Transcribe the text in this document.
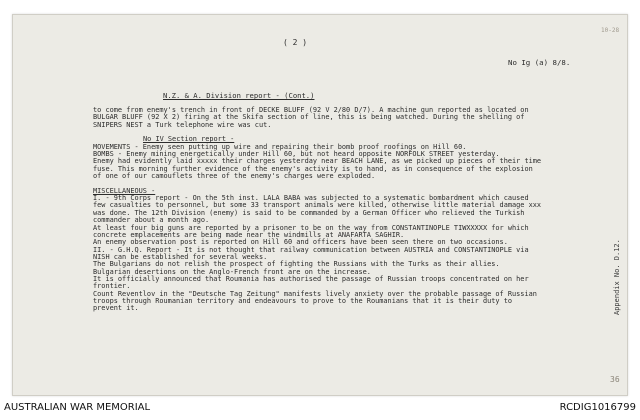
10-28
( 2 )
No Ig (a) 8/8.
N.Z. & A. Division report - (Cont.)
to come from enemy's trench in front of DECKE BLUFF (92 V 2/80 D/7). A machine gun reported as located on
BULGAR BLUFF (92 X 2) firing at the Skifa section of line, this is being watched. During the shelling of
SNIPERS NEST a Turk telephone wire was cut.
No IV Section report -
MOVEMENTS - Enemy seen putting up wire and repairing their bomb proof roofings on Hill 60.
BOMBS - Enemy mining energetically under Hill 60, but not heard opposite NORFOLK STREET yesterday.
Enemy had evidently laid xxxxx their charges yesterday near BEACH LANE, as we picked up pieces of their time
fuse. This morning further evidence of the enemy's activity is to hand, as in consequence of the explosion
of one of our camouflets three of the enemy's charges were exploded.
MISCELLANEOUS -
I. - 9th Corps report - On the 5th inst. LALA BABA was subjected to a systematic bombardment which caused
few casualties to personnel, but some 33 transport animals were killed, otherwise little material damage xxx
was done. The 12th Division (enemy) is said to be commanded by a German Officer who relieved the Turkish
commander about a month ago.
At least four big guns are reported by a prisoner to be on the way from CONSTANTINOPLE TIWXXXXX for which
concrete emplacements are being made near the windmills at ANAFARTA SAGHIR.
An enemy observation post is reported on Hill 60 and officers have been seen there on two occasions.
II. - G.H.Q. Report - It is not thought that railway communication between AUSTRIA and CONSTANTINOPLE via
NISH can be established for several weeks.
The Bulgarians do not relish the prospect of fighting the Russians with the Turks as their allies.
Bulgarian desertions on the Anglo-French front are on the increase.
It is officially announced that Roumania has authorised the passage of Russian troops concentrated on her
frontier.
Count Reventlov in the "Deutsche Tag Zeitung" manifests lively anxiety over the probable passage of Russian
troops through Roumanian territory and endeavours to prove to the Roumanians that it is their duty to
prevent it.	Appendix No. D.12.
36
AUSTRALIAN WAR MEMORIAL	RCDIG1016799
